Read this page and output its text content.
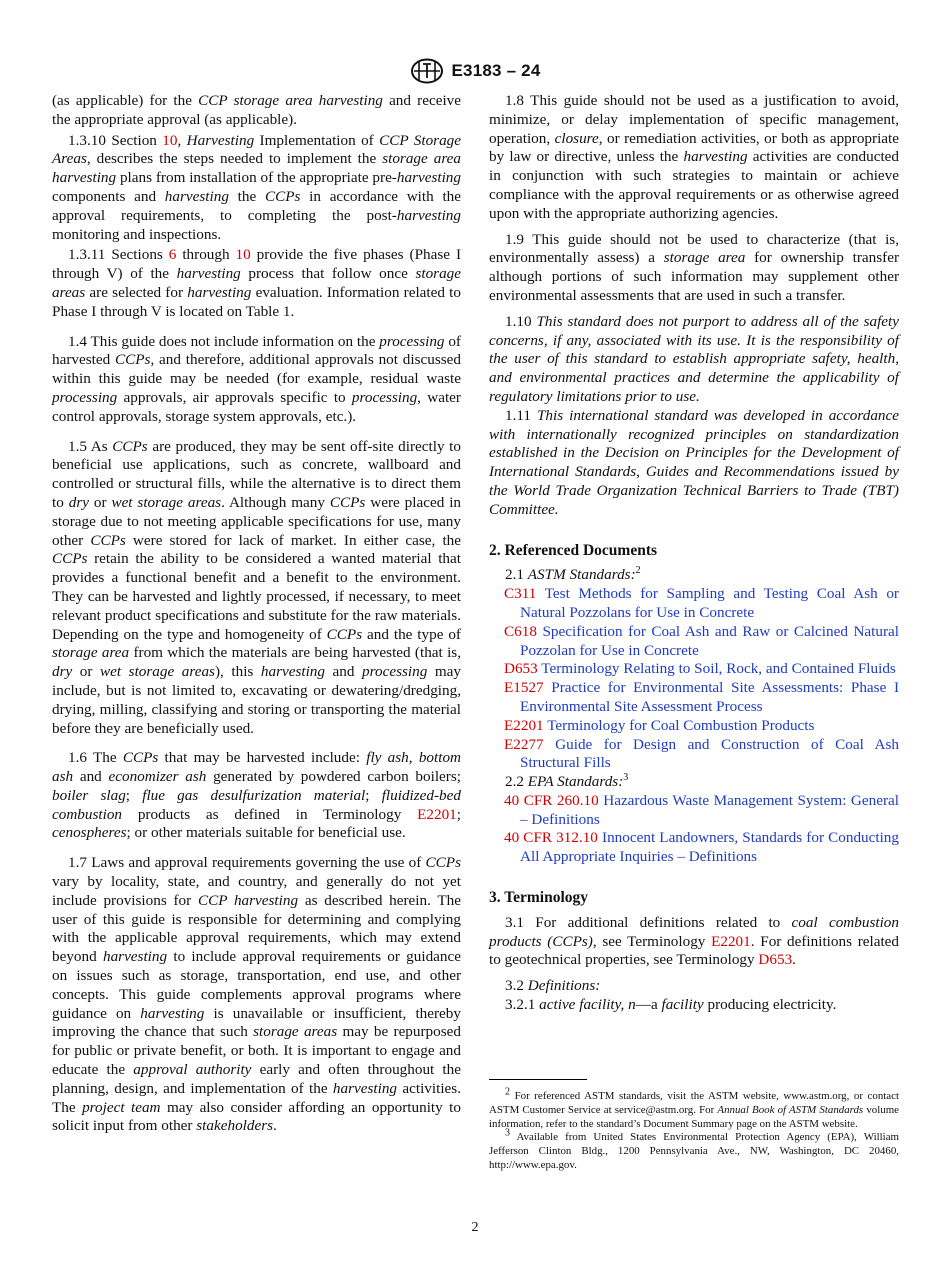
E3183 – 24

(as applicable) for the CCP storage area harvesting and receive the appropriate approval (as applicable).

1.3.10 Section 10, Harvesting Implementation of CCP Storage Areas, describes the steps needed to implement the storage area harvesting plans from installation of the appropriate pre-harvesting components and harvesting the CCPs in accordance with the approval requirements, to completing the post-harvesting monitoring and inspections.

1.3.11 Sections 6 through 10 provide the five phases (Phase I through V) of the harvesting process that follow once storage areas are selected for harvesting evaluation. Information related to Phase I through V is located on Table 1.

1.4 This guide does not include information on the processing of harvested CCPs, and therefore, additional approvals not discussed within this guide may be needed (for example, residual waste processing approvals, air approvals specific to processing, water control approvals, storage system approvals, etc.).

1.5 As CCPs are produced, they may be sent off-site directly to beneficial use applications, such as concrete, wallboard and controlled or structural fills, while the alternative is to direct them to dry or wet storage areas. Although many CCPs were placed in storage due to not meeting applicable specifications for use, many other CCPs were stored for lack of market. In either case, the CCPs retain the ability to be considered a wanted material that provides a functional benefit and a benefit to the environment. They can be harvested and lightly processed, if necessary, to meet relevant product specifications and substitute for the raw materials. Depending on the type and homogeneity of CCPs and the type of storage area from which the materials are being harvested (that is, dry or wet storage areas), this harvesting and processing may include, but is not limited to, excavating or dewatering/dredging, drying, milling, classifying and storing or transporting the material before they are beneficially used.

1.6 The CCPs that may be harvested include: fly ash, bottom ash and economizer ash generated by powdered carbon boilers; boiler slag; flue gas desulfurization material; fluidized-bed combustion products as defined in Terminology E2201; cenospheres; or other materials suitable for beneficial use.

1.7 Laws and approval requirements governing the use of CCPs vary by locality, state, and country, and generally do not yet include provisions for CCP harvesting as described herein. The user of this guide is responsible for determining and complying with the applicable approval requirements, which may extend beyond harvesting to include approval requirements or guidance on issues such as storage, transportation, end use, and other concepts. This guide complements approval programs where guidance on harvesting is unavailable or insufficient, thereby improving the chance that such storage areas may be repurposed for public or private benefit, or both. It is important to engage and educate the approval authority early and often throughout the planning, design, and implementation of the harvesting activities. The project team may also consider affording an opportunity to solicit input from other stakeholders.

1.8 This guide should not be used as a justification to avoid, minimize, or delay implementation of specific management, operation, closure, or remediation activities, or both as appropriate by law or directive, unless the harvesting activities are conducted in conjunction with such strategies to maintain or achieve compliance with the approval requirements or as otherwise agreed upon with the appropriate authorizing agencies.

1.9 This guide should not be used to characterize (that is, environmentally assess) a storage area for ownership transfer although portions of such information may supplement other environmental assessments that are used in such a transfer.

1.10 This standard does not purport to address all of the safety concerns, if any, associated with its use. It is the responsibility of the user of this standard to establish appropriate safety, health, and environmental practices and determine the applicability of regulatory limitations prior to use.

1.11 This international standard was developed in accordance with internationally recognized principles on standardization established in the Decision on Principles for the Development of International Standards, Guides and Recommendations issued by the World Trade Organization Technical Barriers to Trade (TBT) Committee.

2. Referenced Documents

2.1 ASTM Standards:$^2$

C311 Test Methods for Sampling and Testing Coal Ash or Natural Pozzolans for Use in Concrete

C618 Specification for Coal Ash and Raw or Calcined Natural Pozzolan for Use in Concrete

D653 Terminology Relating to Soil, Rock, and Contained Fluids

E1527 Practice for Environmental Site Assessments: Phase I Environmental Site Assessment Process

E2201 Terminology for Coal Combustion Products

E2277 Guide for Design and Construction of Coal Ash Structural Fills

2.2 EPA Standards:$^3$

40 CFR 260.10 Hazardous Waste Management System: General – Definitions

40 CFR 312.10 Innocent Landowners, Standards for Conducting All Appropriate Inquiries – Definitions

3. Terminology

3.1 For additional definitions related to coal combustion products (CCPs), see Terminology E2201. For definitions related to geotechnical properties, see Terminology D653.

3.2 Definitions:

3.2.1 active facility, n—a facility producing electricity.

$^2$ For referenced ASTM standards, visit the ASTM website, www.astm.org, or contact ASTM Customer Service at service@astm.org. For Annual Book of ASTM Standards volume information, refer to the standard’s Document Summary page on the ASTM website.

$^3$ Available from United States Environmental Protection Agency (EPA), William Jefferson Clinton Bldg., 1200 Pennsylvania Ave., NW, Washington, DC 20460, http://www.epa.gov.

2
